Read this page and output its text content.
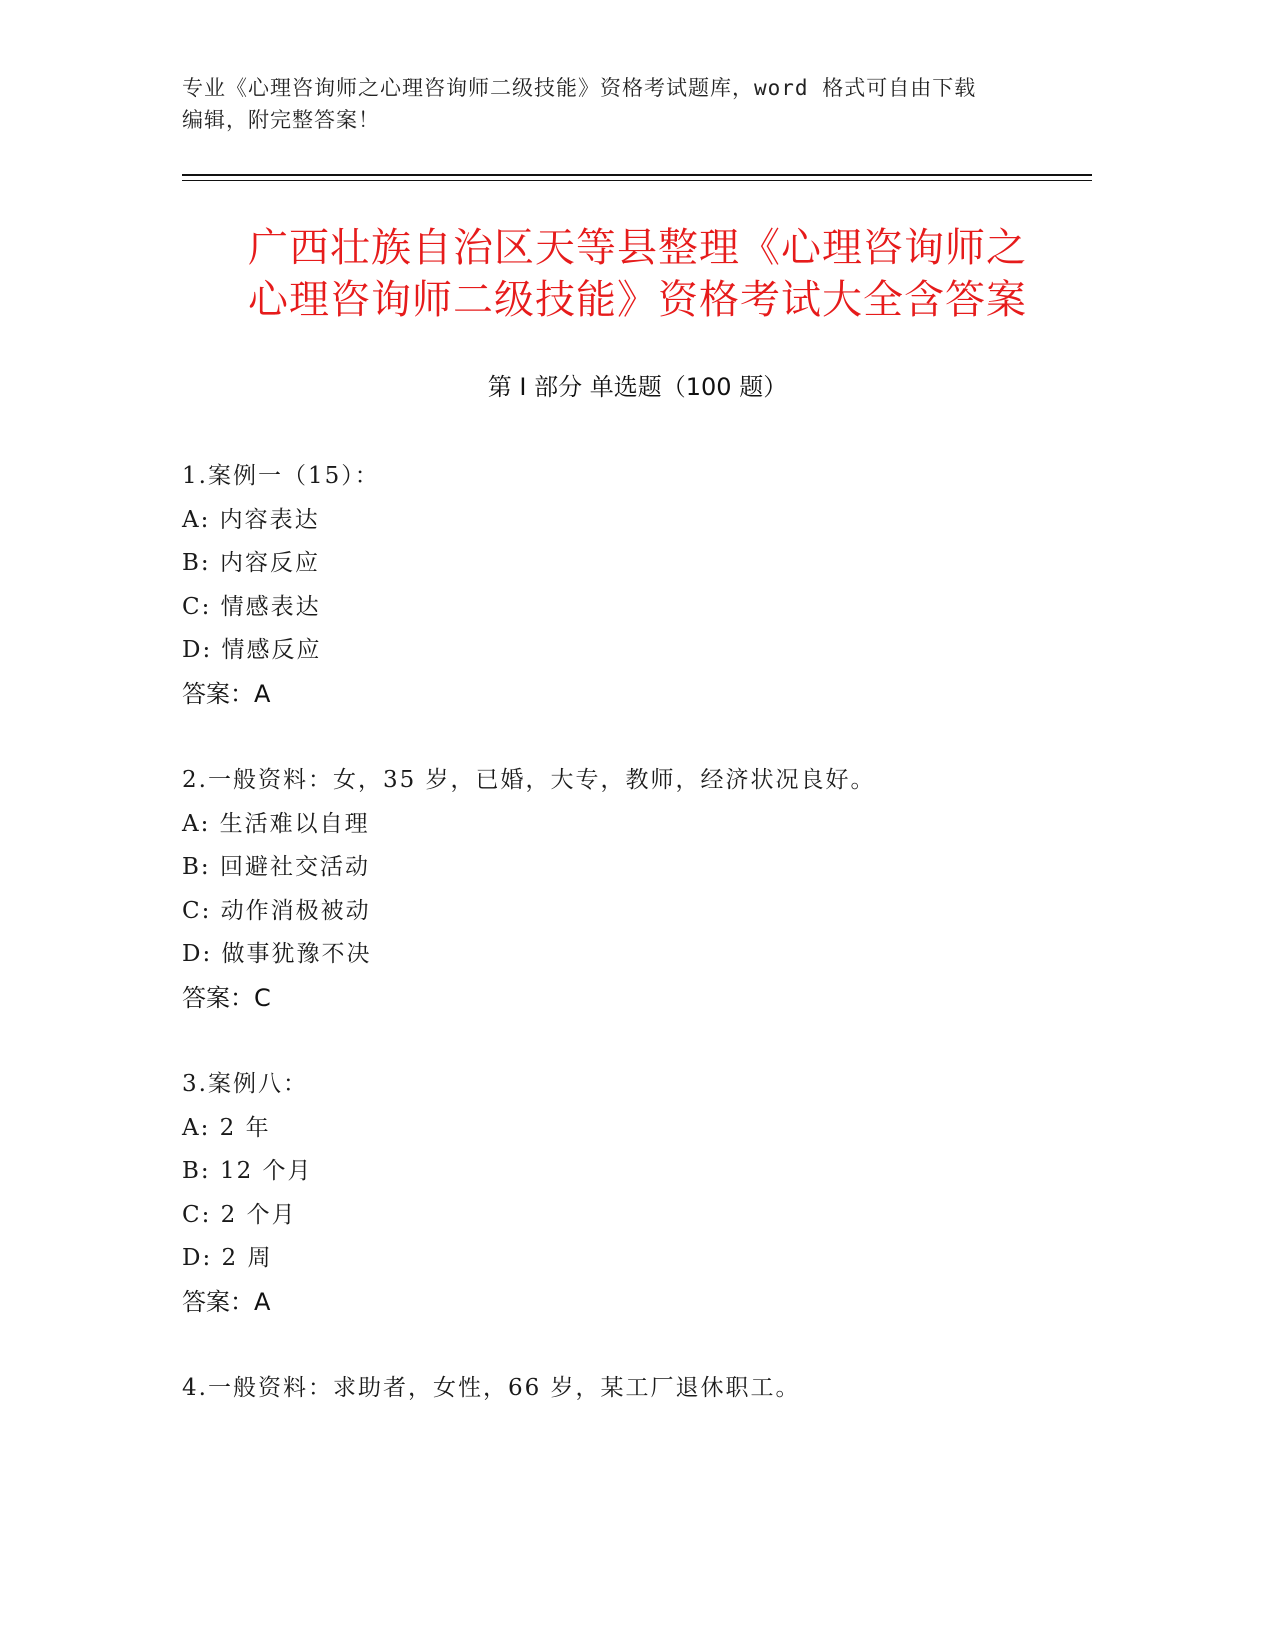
专业《心理咨询师之心理咨询师二级技能》资格考试题库，word 格式可自由下载
编辑，附完整答案！
广西壮族自治区天等县整理《心理咨询师之
心理咨询师二级技能》资格考试大全含答案
第 I 部分 单选题（100 题）
1.案例一（15）：
A: 内容表达
B: 内容反应
C: 情感表达
D: 情感反应
答案：A
2.一般资料：女，35 岁，已婚，大专，教师，经济状况良好。
A: 生活难以自理
B: 回避社交活动
C: 动作消极被动
D: 做事犹豫不决
答案：C
3.案例八：
A: 2 年
B: 12 个月
C: 2 个月
D: 2 周
答案：A
4.一般资料：求助者，女性，66 岁，某工厂退休职工。
